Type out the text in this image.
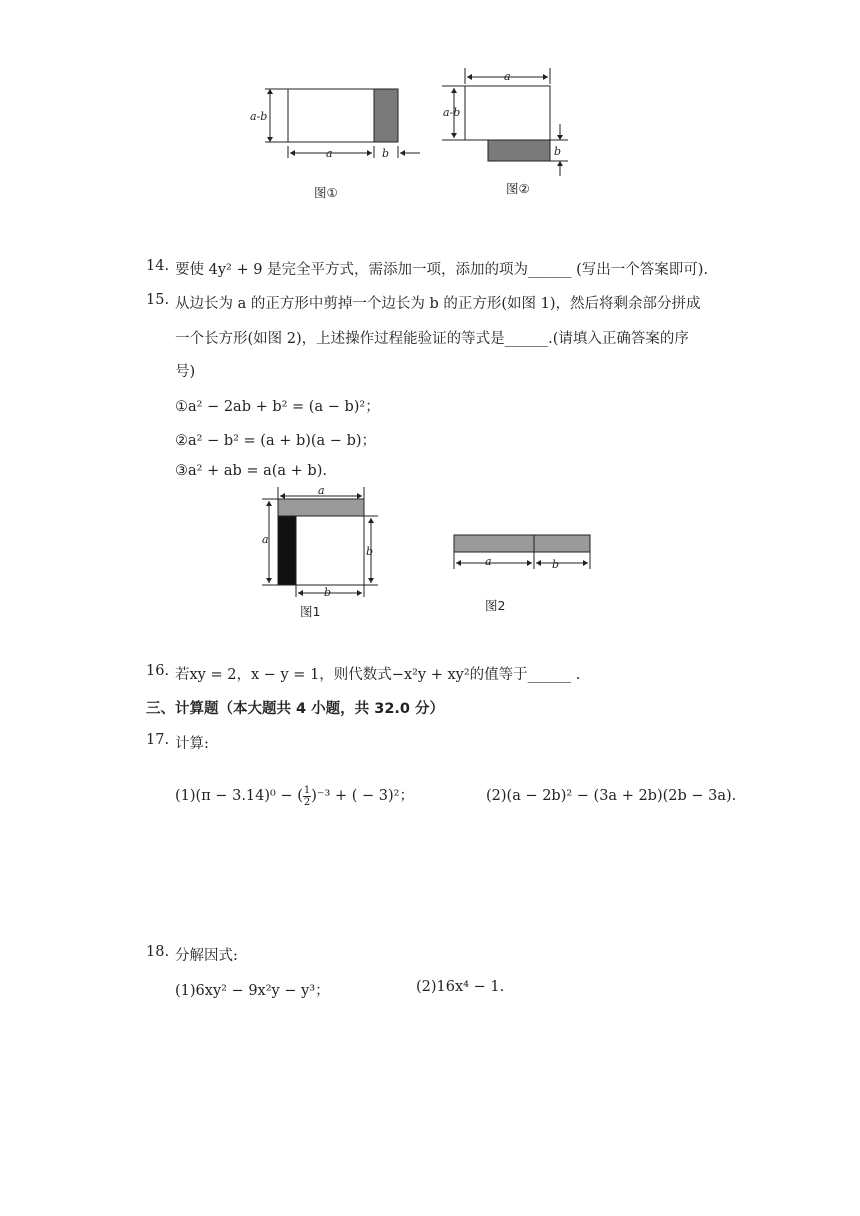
a-b
a	b
图①
a
a-b
b
图②
14. 要使 4y² + 9 是完全平方式，需添加一项，添加的项为______ (写出一个答案即可).
15. 从边长为 a 的正方形中剪掉一个边长为 b 的正方形(如图 1)，然后将剩余部分拼成
一个长方形(如图 2)，上述操作过程能验证的等式是______.(请填入正确答案的序
号)
①a² − 2ab + b² = (a − b)²；
②a² − b² = (a + b)(a − b)；
③a² + ab = a(a + b).
a
a
b
b
图1
a	b
图2
16. 若xy = 2，x − y = 1，则代数式−x²y + xy²的值等于______ .
三、计算题（本大题共 4 小题，共 32.0 分）
17. 计算:
(1)(π − 3.14)⁰ − ( $\frac{1}{2} )^{-3}$ + ( − 3)²；	(2)(a − 2b)² − (3a + 2b)(2b − 3a).
18. 分解因式:
(1)6xy² − 9x²y − y³；	(2)16x⁴ − 1.
